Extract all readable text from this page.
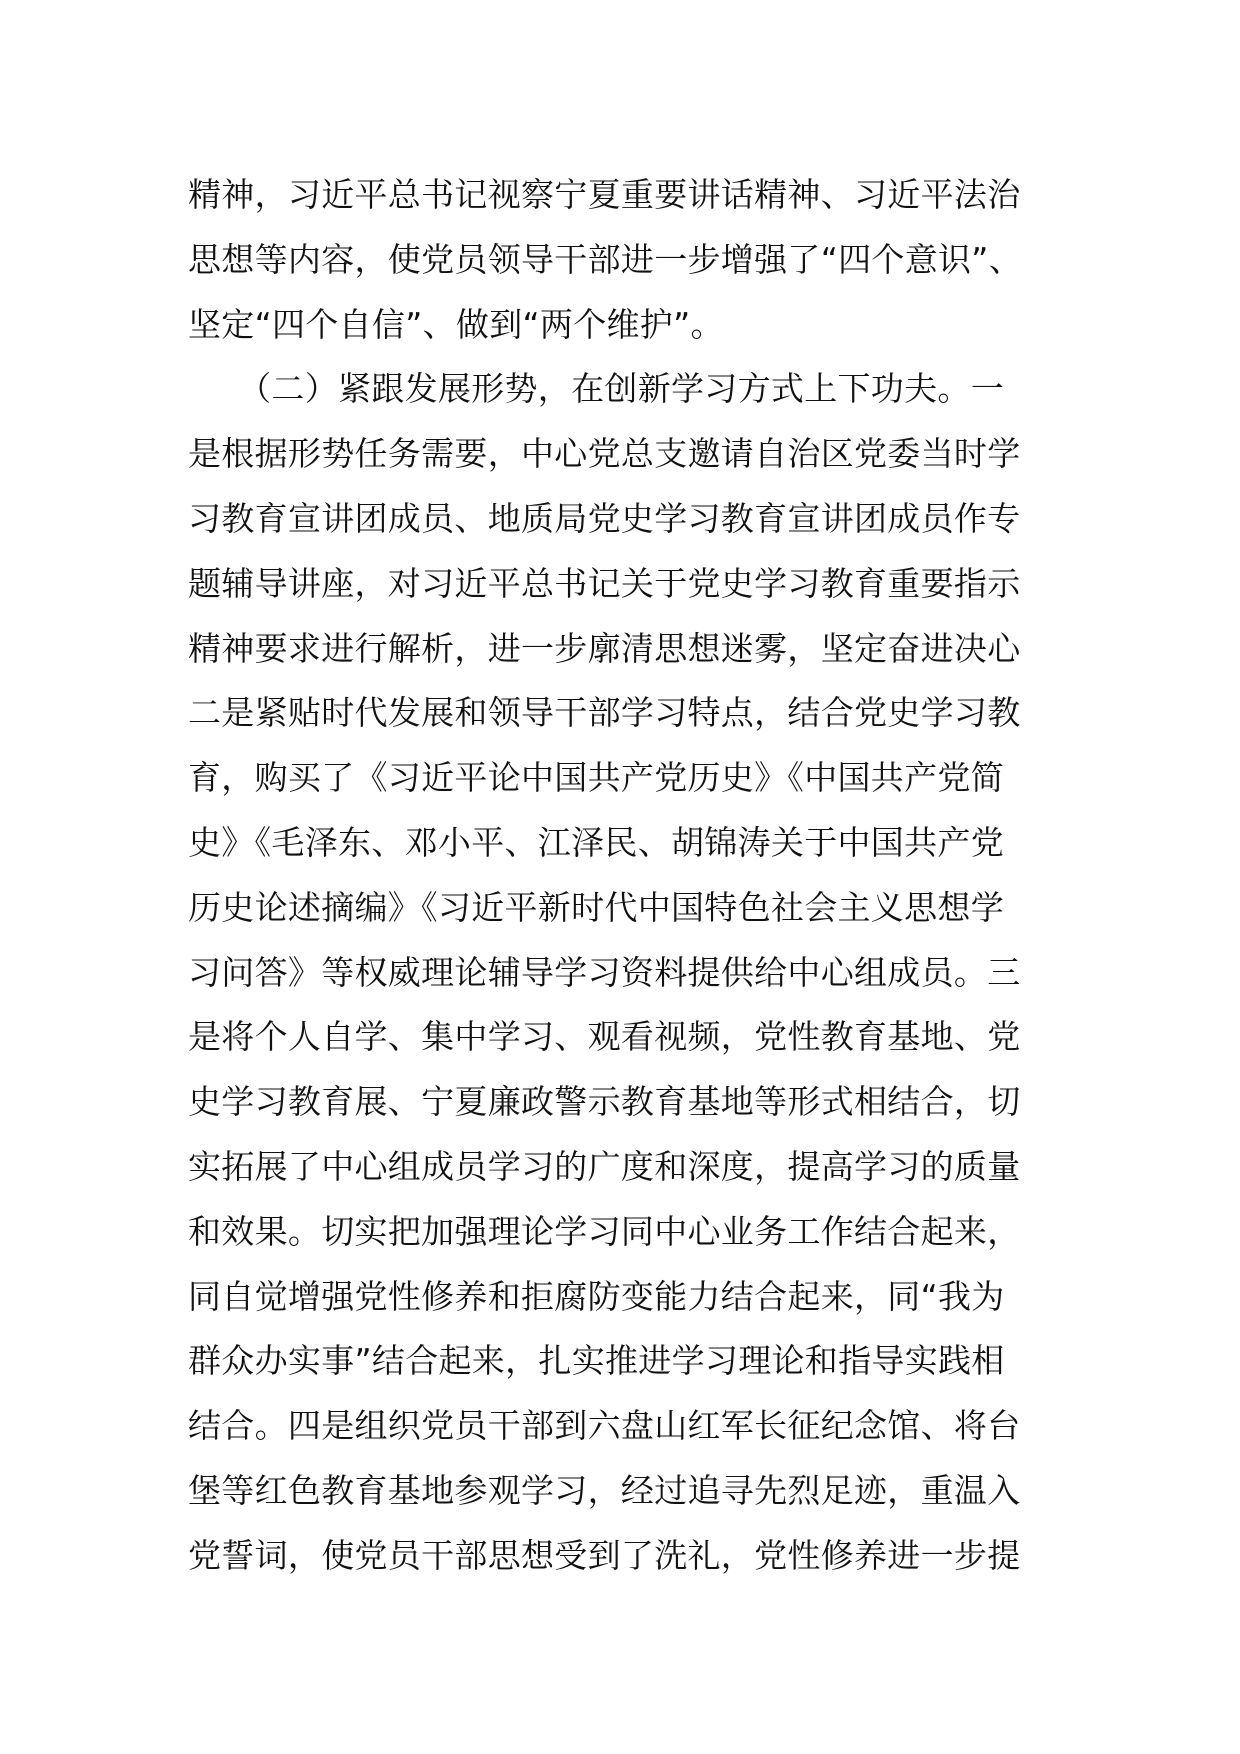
精神，习近平总书记视察宁夏重要讲话精神、习近平法治
思想等内容，使党员领导干部进一步增强了“四个意识”、
坚定“四个自信”、做到“两个维护”。
　　（二）紧跟发展形势，在创新学习方式上下功夫。一
是根据形势任务需要，中心党总支邀请自治区党委当时学
习教育宣讲团成员、地质局党史学习教育宣讲团成员作专
题辅导讲座，对习近平总书记关于党史学习教育重要指示
精神要求进行解析，进一步廓清思想迷雾，坚定奋进决心
二是紧贴时代发展和领导干部学习特点，结合党史学习教
育，购买了《习近平论中国共产党历史》《中国共产党简
史》《毛泽东、邓小平、江泽民、胡锦涛关于中国共产党
历史论述摘编》《习近平新时代中国特色社会主义思想学
习问答》等权威理论辅导学习资料提供给中心组成员。三
是将个人自学、集中学习、观看视频，党性教育基地、党
史学习教育展、宁夏廉政警示教育基地等形式相结合，切
实拓展了中心组成员学习的广度和深度，提高学习的质量
和效果。切实把加强理论学习同中心业务工作结合起来，
同自觉增强党性修养和拒腐防变能力结合起来，同“我为
群众办实事”结合起来，扎实推进学习理论和指导实践相
结合。四是组织党员干部到六盘山红军长征纪念馆、将台
堡等红色教育基地参观学习，经过追寻先烈足迹，重温入
党誓词，使党员干部思想受到了洗礼，党性修养进一步提
